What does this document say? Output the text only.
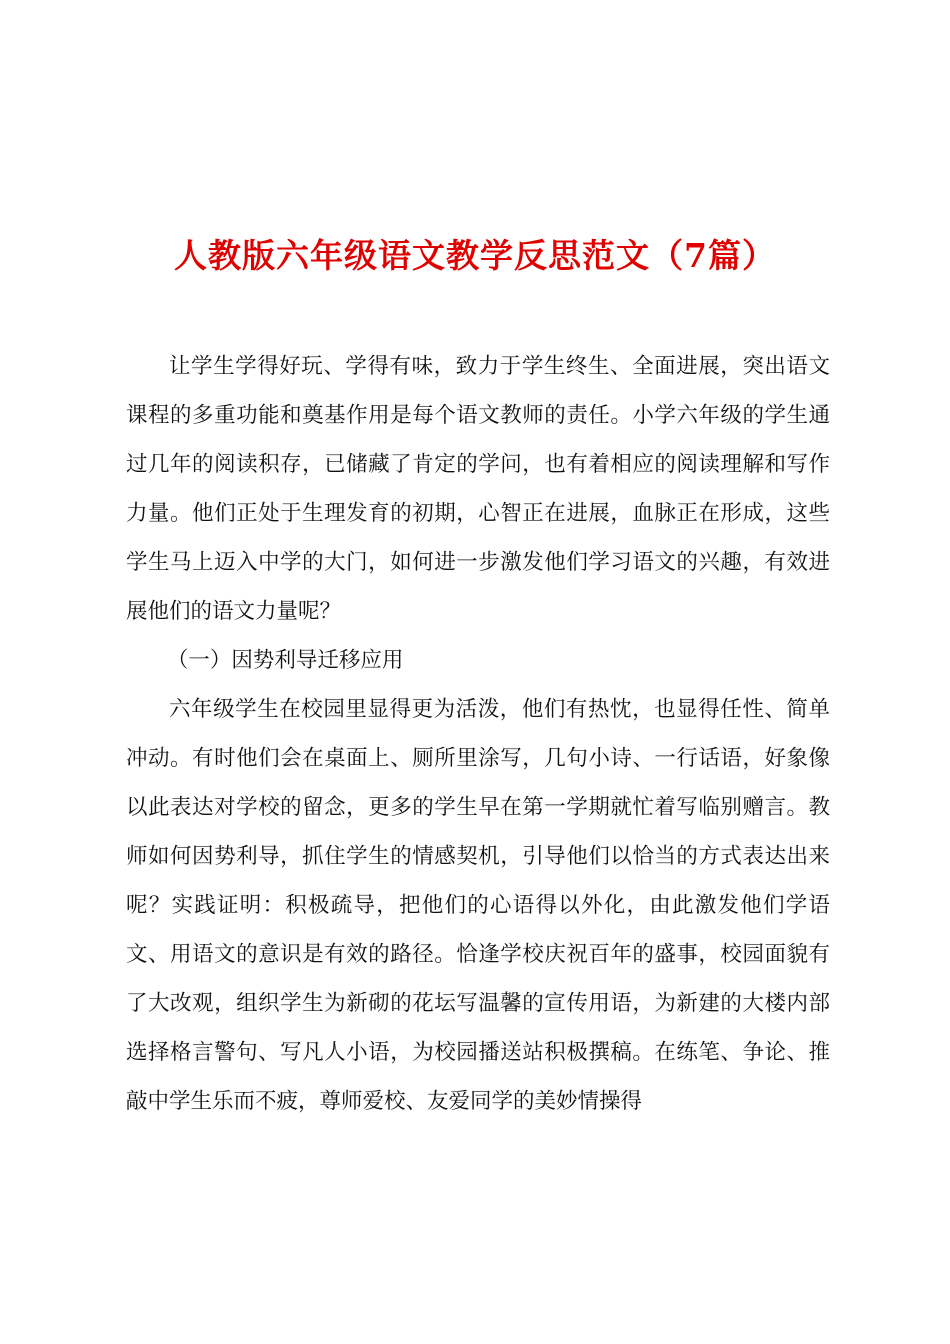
人教版六年级语文教学反思范文（7篇）

让学生学得好玩、学得有味，致力于学生终生、全面进展，突出语文课程的多重功能和奠基作用是每个语文教师的责任。小学六年级的学生通过几年的阅读积存，已储藏了肯定的学问，也有着相应的阅读理解和写作力量。他们正处于生理发育的初期，心智正在进展，血脉正在形成，这些学生马上迈入中学的大门，如何进一步激发他们学习语文的兴趣，有效进展他们的语文力量呢？

（一）因势利导迁移应用

六年级学生在校园里显得更为活泼，他们有热忱，也显得任性、简单冲动。有时他们会在桌面上、厕所里涂写，几句小诗、一行话语，好象像以此表达对学校的留念，更多的学生早在第一学期就忙着写临别赠言。教师如何因势利导，抓住学生的情感契机，引导他们以恰当的方式表达出来呢？实践证明：积极疏导，把他们的心语得以外化，由此激发他们学语文、用语文的意识是有效的路径。恰逢学校庆祝百年的盛事，校园面貌有了大改观，组织学生为新砌的花坛写温馨的宣传用语，为新建的大楼内部选择格言警句、写凡人小语，为校园播送站积极撰稿。在练笔、争论、推敲中学生乐而不疲，尊师爱校、友爱同学的美妙情操得
